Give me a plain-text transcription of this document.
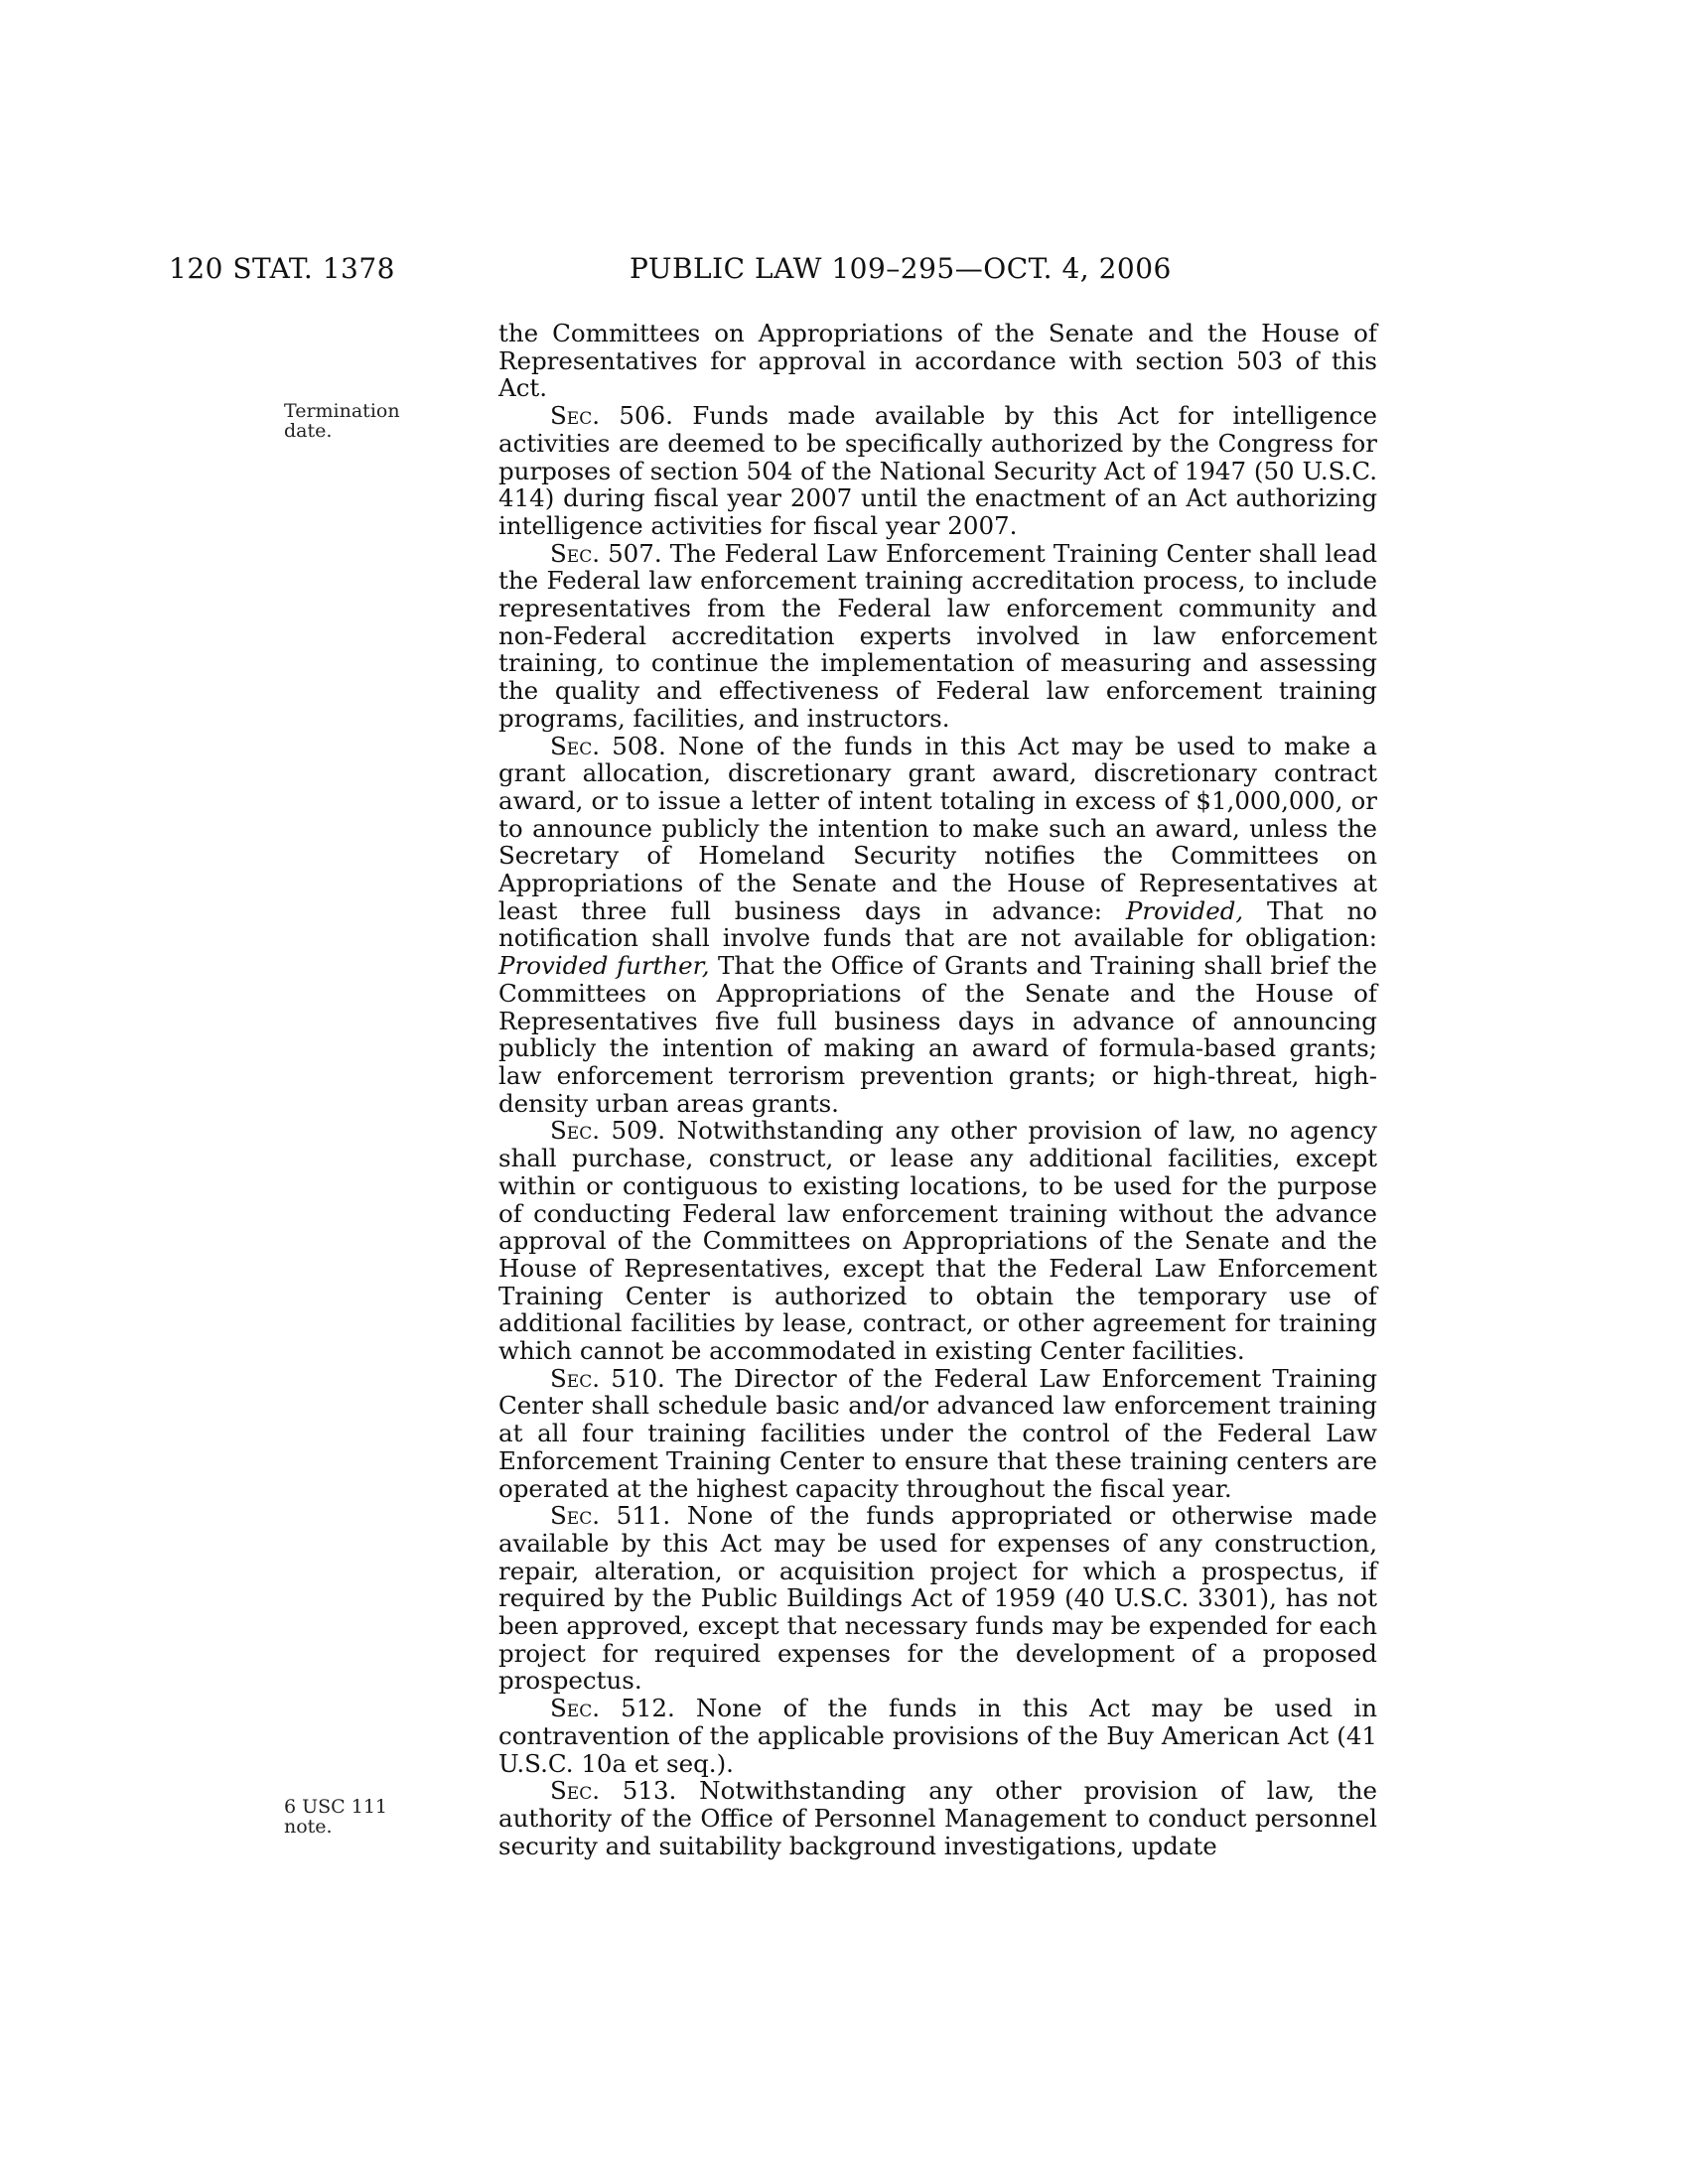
120 STAT. 1378	PUBLIC LAW 109–295—OCT. 4, 2006
Termination
date.
6 USC 111 note.

the Committees on Appropriations of the Senate and the House of Representatives for approval in accordance with section 503 of this Act.

Sec. 506. Funds made available by this Act for intelligence activities are deemed to be specifically authorized by the Congress for purposes of section 504 of the National Security Act of 1947 (50 U.S.C. 414) during fiscal year 2007 until the enactment of an Act authorizing intelligence activities for fiscal year 2007.

Sec. 507. The Federal Law Enforcement Training Center shall lead the Federal law enforcement training accreditation process, to include representatives from the Federal law enforcement community and non-Federal accreditation experts involved in law enforcement training, to continue the implementation of measuring and assessing the quality and effectiveness of Federal law enforcement training programs, facilities, and instructors.

Sec. 508. None of the funds in this Act may be used to make a grant allocation, discretionary grant award, discretionary contract award, or to issue a letter of intent totaling in excess of $1,000,000, or to announce publicly the intention to make such an award, unless the Secretary of Homeland Security notifies the Committees on Appropriations of the Senate and the House of Representatives at least three full business days in advance: Provided, That no notification shall involve funds that are not available for obligation: Provided further, That the Office of Grants and Training shall brief the Committees on Appropriations of the Senate and the House of Representatives five full business days in advance of announcing publicly the intention of making an award of formula-based grants; law enforcement terrorism prevention grants; or high-threat, high-density urban areas grants.

Sec. 509. Notwithstanding any other provision of law, no agency shall purchase, construct, or lease any additional facilities, except within or contiguous to existing locations, to be used for the purpose of conducting Federal law enforcement training without the advance approval of the Committees on Appropriations of the Senate and the House of Representatives, except that the Federal Law Enforcement Training Center is authorized to obtain the temporary use of additional facilities by lease, contract, or other agreement for training which cannot be accommodated in existing Center facilities.

Sec. 510. The Director of the Federal Law Enforcement Training Center shall schedule basic and/or advanced law enforcement training at all four training facilities under the control of the Federal Law Enforcement Training Center to ensure that these training centers are operated at the highest capacity throughout the fiscal year.

Sec. 511. None of the funds appropriated or otherwise made available by this Act may be used for expenses of any construction, repair, alteration, or acquisition project for which a prospectus, if required by the Public Buildings Act of 1959 (40 U.S.C. 3301), has not been approved, except that necessary funds may be expended for each project for required expenses for the development of a proposed prospectus.

Sec. 512. None of the funds in this Act may be used in contravention of the applicable provisions of the Buy American Act (41 U.S.C. 10a et seq.).

Sec. 513. Notwithstanding any other provision of law, the authority of the Office of Personnel Management to conduct personnel security and suitability background investigations, update
